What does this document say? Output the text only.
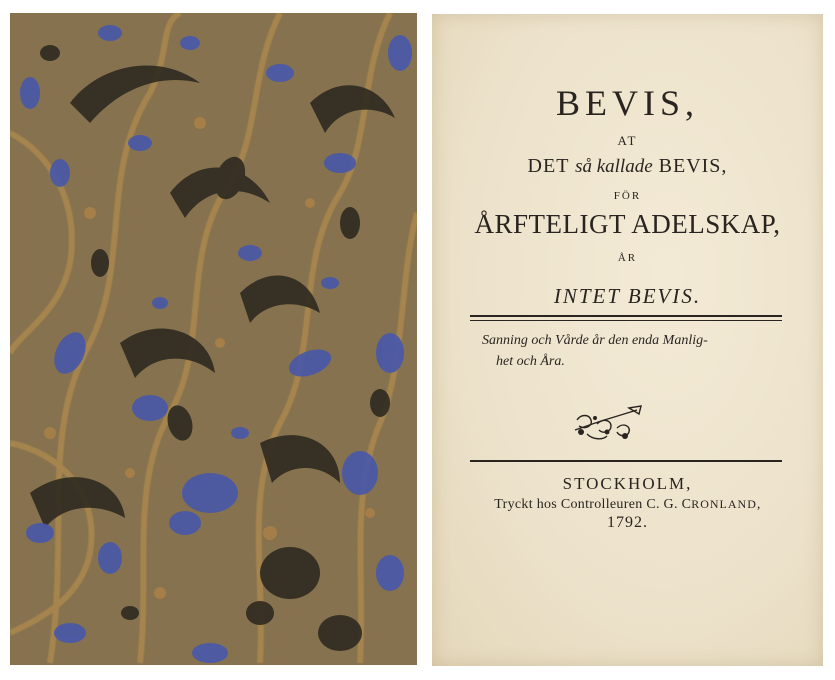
BEVIS,
AT
DET så kallade BEVIS,
FÖR
ÅRFTELIGT ADELSKAP,
ÅR
INTET BEVIS.
Sanning och Vårde år den enda Manlig-
het och Åra.
STOCKHOLM,
Tryckt hos Controlleuren C. G. CRONLAND,
1792.
